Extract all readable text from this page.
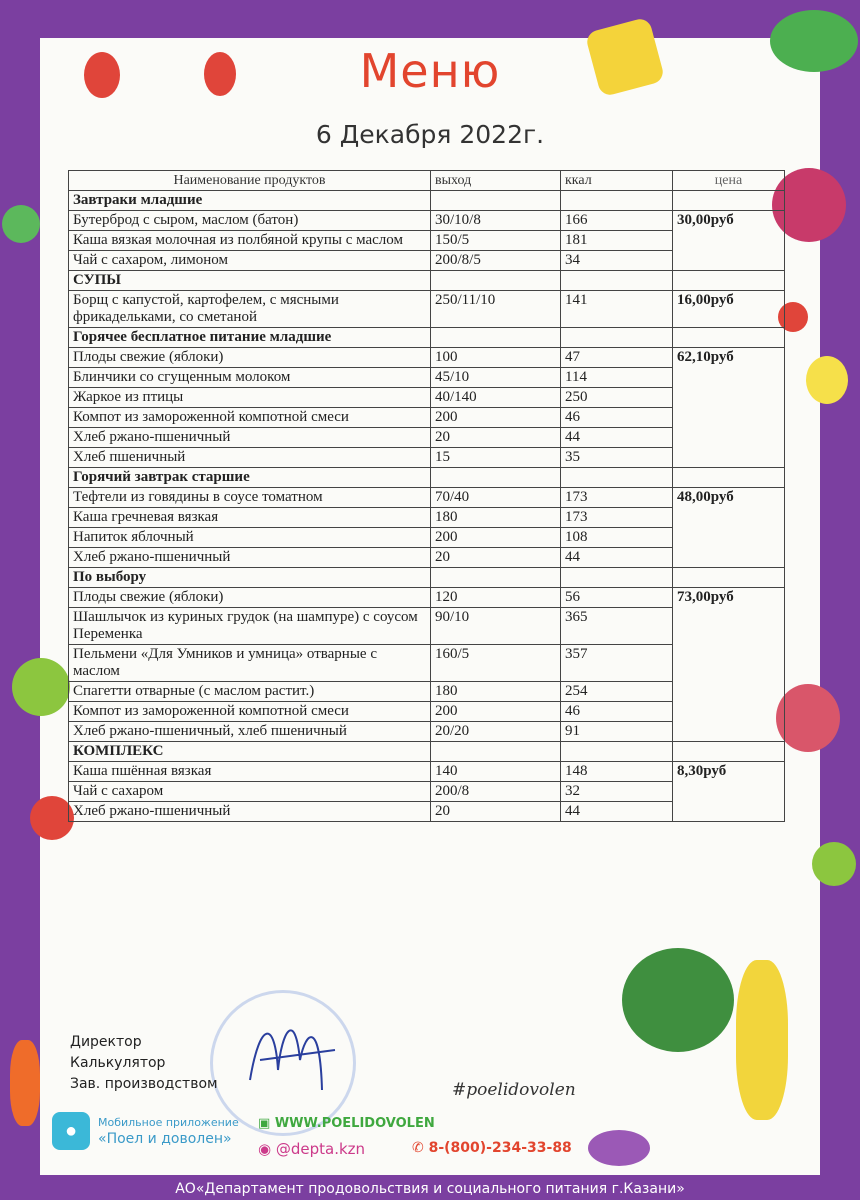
Меню
6 Декабря 2022г.
Наименование продуктов	выход	ккал	цена
Завтраки младшие			
Бутерброд с сыром, маслом (батон)	30/10/8	166	30,00руб
Каша вязкая молочная из полбяной крупы с маслом	150/5	181	
Чай с сахаром, лимоном	200/8/5	34	
СУПЫ			
Борщ с капустой, картофелем, с мясными фрикадельками, со сметаной	250/11/10	141	16,00руб
Горячее бесплатное питание младшие			
Плоды свежие (яблоки)	100	47	62,10руб
Блинчики со сгущенным молоком	45/10	114	
Жаркое из птицы	40/140	250	
Компот из замороженной компотной смеси	200	46	
Хлеб ржано-пшеничный	20	44	
Хлеб пшеничный	15	35	
Горячий завтрак старшие			
Тефтели из говядины в соусе томатном	70/40	173	48,00руб
Каша гречневая вязкая	180	173	
Напиток яблочный	200	108	
Хлеб ржано-пшеничный	20	44	
По выбору			
Плоды свежие (яблоки)	120	56	73,00руб
Шашлычок из куриных грудок (на шампуре) с соусом Переменка	90/10	365	
Пельмени «Для Умников и умница» отварные с маслом	160/5	357	
Спагетти отварные (с маслом растит.)	180	254	
Компот из замороженной компотной смеси	200	46	
Хлеб ржано-пшеничный, хлеб пшеничный	20/20	91	
КОМПЛЕКС			
Каша пшённая вязкая	140	148	8,30руб
Чай с сахаром	200/8	32	
Хлеб ржано-пшеничный	20	44	
Директор
Калькулятор
Зав. производством	#poelidovolen
●	Мобильное приложение
«Поел и доволен»
▣ WWW.POELIDOVOLEN
◉ @depta.kzn	✆ 8-(800)-234-33-88
АО«Департамент продовольствия и социального питания г.Казани»
